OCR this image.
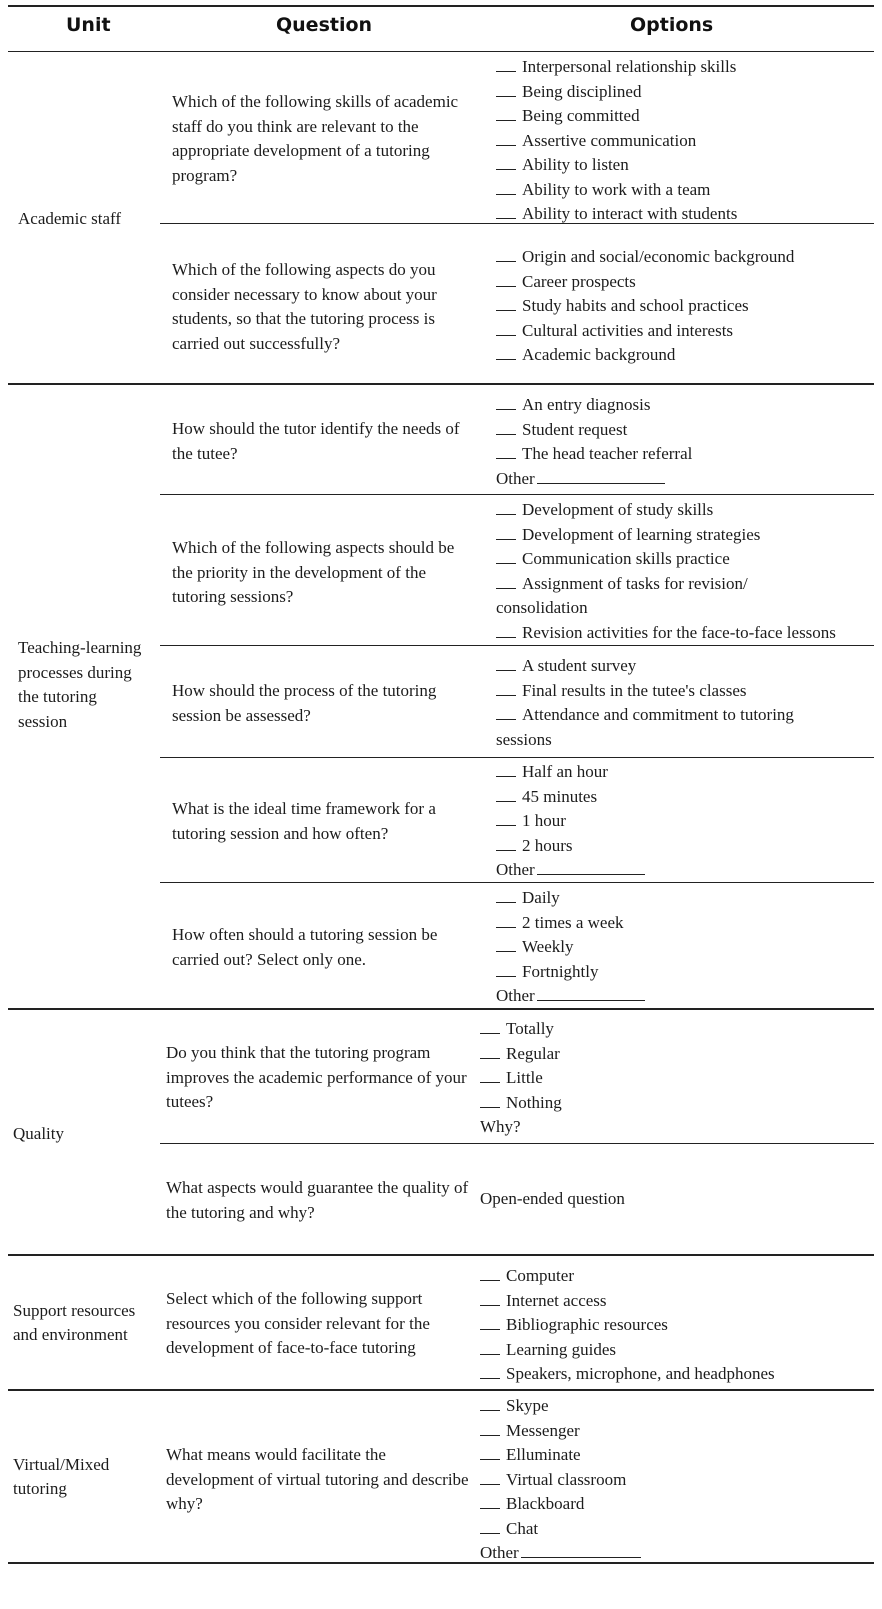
Unit	Question	Options
Academic staff
Teaching-learning processes during the tutoring session
Quality
Support resources and environment
Virtual/Mixed tutoring
Which of the following skills of academic staff do you think are relevant to the appropriate development of a tutoring program?
Interpersonal relationship skills
Being disciplined
Being committed
Assertive communication
Ability to listen
Ability to work with a team
Ability to interact with students
Which of the following aspects do you consider necessary to know about your students, so that the tutoring process is carried out successfully?
Origin and social/economic background
Career prospects
Study habits and school practices
Cultural activities and interests
Academic background
How should the tutor identify the needs of the tutee?
An entry diagnosis
Student request
The head teacher referral
Other
Which of the following aspects should be the priority in the development of the tutoring sessions?
Development of study skills
Development of learning strategies
Communication skills practice
Assignment of tasks for revision/ consolidation
Revision activities for the face-to-face lessons
How should the process of the tutoring session be assessed?
A student survey
Final results in the tutee's classes
Attendance and commitment to tutoring sessions
What is the ideal time framework for a tutoring session and how often?
Half an hour
45 minutes
1 hour
2 hours
Other
How often should a tutoring session be carried out? Select only one.
Daily
2 times a week
Weekly
Fortnightly
Other
Do you think that the tutoring program improves the academic performance of your tutees?
Totally
Regular
Little
Nothing
Why?
What aspects would guarantee the quality of the tutoring and why?
Open-ended question
Select which of the following support resources you consider relevant for the development of face-to-face tutoring
Computer
Internet access
Bibliographic resources
Learning guides
Speakers, microphone, and headphones
What means would facilitate the development of virtual tutoring and describe why?
Skype
Messenger
Elluminate
Virtual classroom
Blackboard
Chat
Other
